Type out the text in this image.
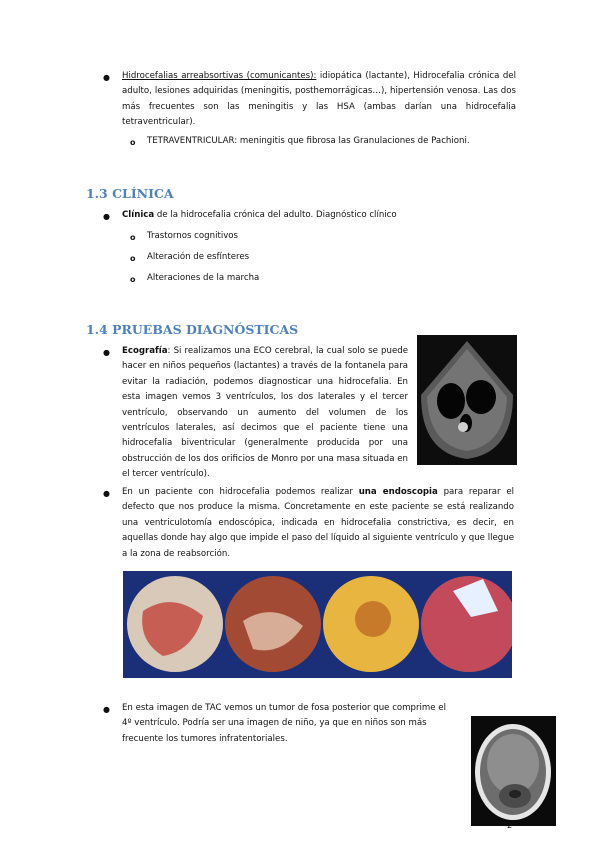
● Hidrocefalias arreabsortivas (comunicantes): idiopática (lactante), Hidrocefalia crónica del adulto, lesiones adquiridas (meningitis, posthemorrágicas…), hipertensión venosa. Las dos más frecuentes son las meningitis y las HSA (ambas darían una hidrocefalia tetraventricular).
o TETRAVENTRICULAR: meningitis que fibrosa las Granulaciones de Pachioni.
1.3 CLÍNICA
● Clínica de la hidrocefalia crónica del adulto. Diagnóstico clínico
o Trastornos cognitivos
o Alteración de esfínteres
o Alteraciones de la marcha
1.4 PRUEBAS DIAGNÓSTICAS
● Ecografía: Si realizamos una ECO cerebral, la cual solo se puede hacer en niños pequeños (lactantes) a través de la fontanela para evitar la radiación, podemos diagnosticar una hidrocefalia. En esta imagen vemos 3 ventrículos, los dos laterales y el tercer ventrículo, observando un aumento del volumen de los ventrículos laterales, así decimos que el paciente tiene una hidrocefalia biventricular (generalmente producida por una obstrucción de los dos orificios de Monro por una masa situada en el tercer ventrículo).
● En un paciente con hidrocefalia podemos realizar una endoscopia para reparar el defecto que nos produce la misma. Concretamente en este paciente se está realizando una ventriculotomía endoscópica, indicada en hidrocefalia constrictiva, es decir, en aquellas donde hay algo que impide el paso del líquido al siguiente ventrículo y que llegue a la zona de reabsorción.
● En esta imagen de TAC vemos un tumor de fosa posterior que comprime el 4º ventrículo. Podría ser una imagen de niño, ya que en niños son más frecuente los tumores infratentoriales.
2
